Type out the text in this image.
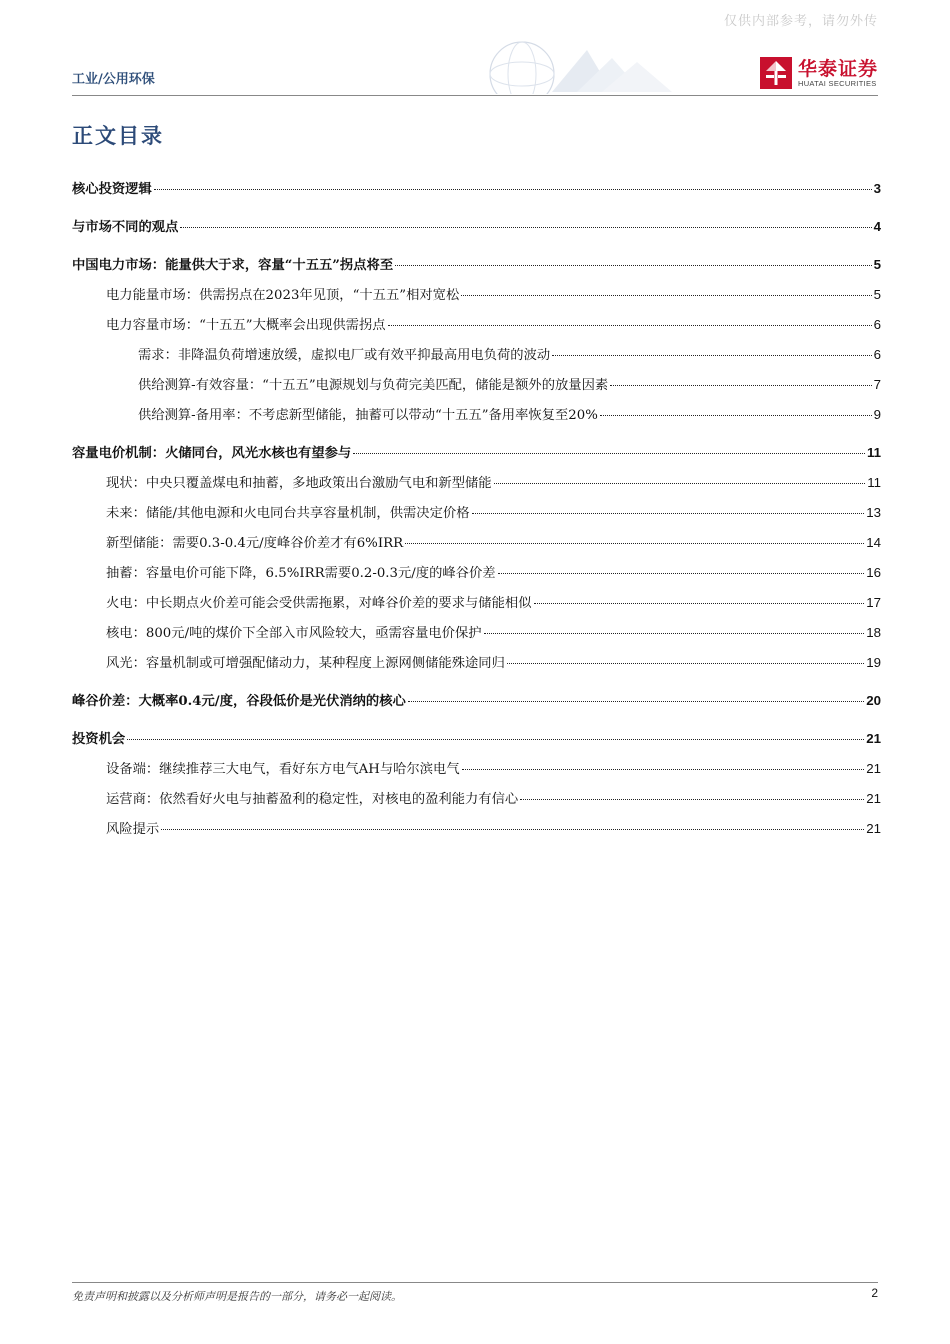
仅供内部参考，请勿外传
工业/公用环保	华泰证券
HUATAI SECURITIES
正文目录
核心投资逻辑	3
与市场不同的观点	4
中国电力市场：能量供大于求，容量“十五五”拐点将至	5
电力能量市场：供需拐点在2023年见顶，“十五五”相对宽松	5
电力容量市场：“十五五”大概率会出现供需拐点	6
需求：非降温负荷增速放缓，虚拟电厂或有效平抑最高用电负荷的波动	6
供给测算-有效容量：“十五五”电源规划与负荷完美匹配，储能是额外的放量因素	7
供给测算-备用率：不考虑新型储能，抽蓄可以带动“十五五”备用率恢复至20%	9
容量电价机制：火储同台，风光水核也有望参与	11
现状：中央只覆盖煤电和抽蓄，多地政策出台激励气电和新型储能	11
未来：储能/其他电源和火电同台共享容量机制，供需决定价格	13
新型储能：需要0.3-0.4元/度峰谷价差才有6%IRR	14
抽蓄：容量电价可能下降，6.5%IRR需要0.2-0.3元/度的峰谷价差	16
火电：中长期点火价差可能会受供需拖累，对峰谷价差的要求与储能相似	17
核电：800元/吨的煤价下全部入市风险较大，亟需容量电价保护	18
风光：容量机制或可增强配储动力，某种程度上源网侧储能殊途同归	19
峰谷价差：大概率0.4元/度，谷段低价是光伏消纳的核心	20
投资机会	21
设备端：继续推荐三大电气，看好东方电气AH与哈尔滨电气	21
运营商：依然看好火电与抽蓄盈利的稳定性，对核电的盈利能力有信心	21
风险提示	21
免责声明和披露以及分析师声明是报告的一部分，请务必一起阅读。	2
